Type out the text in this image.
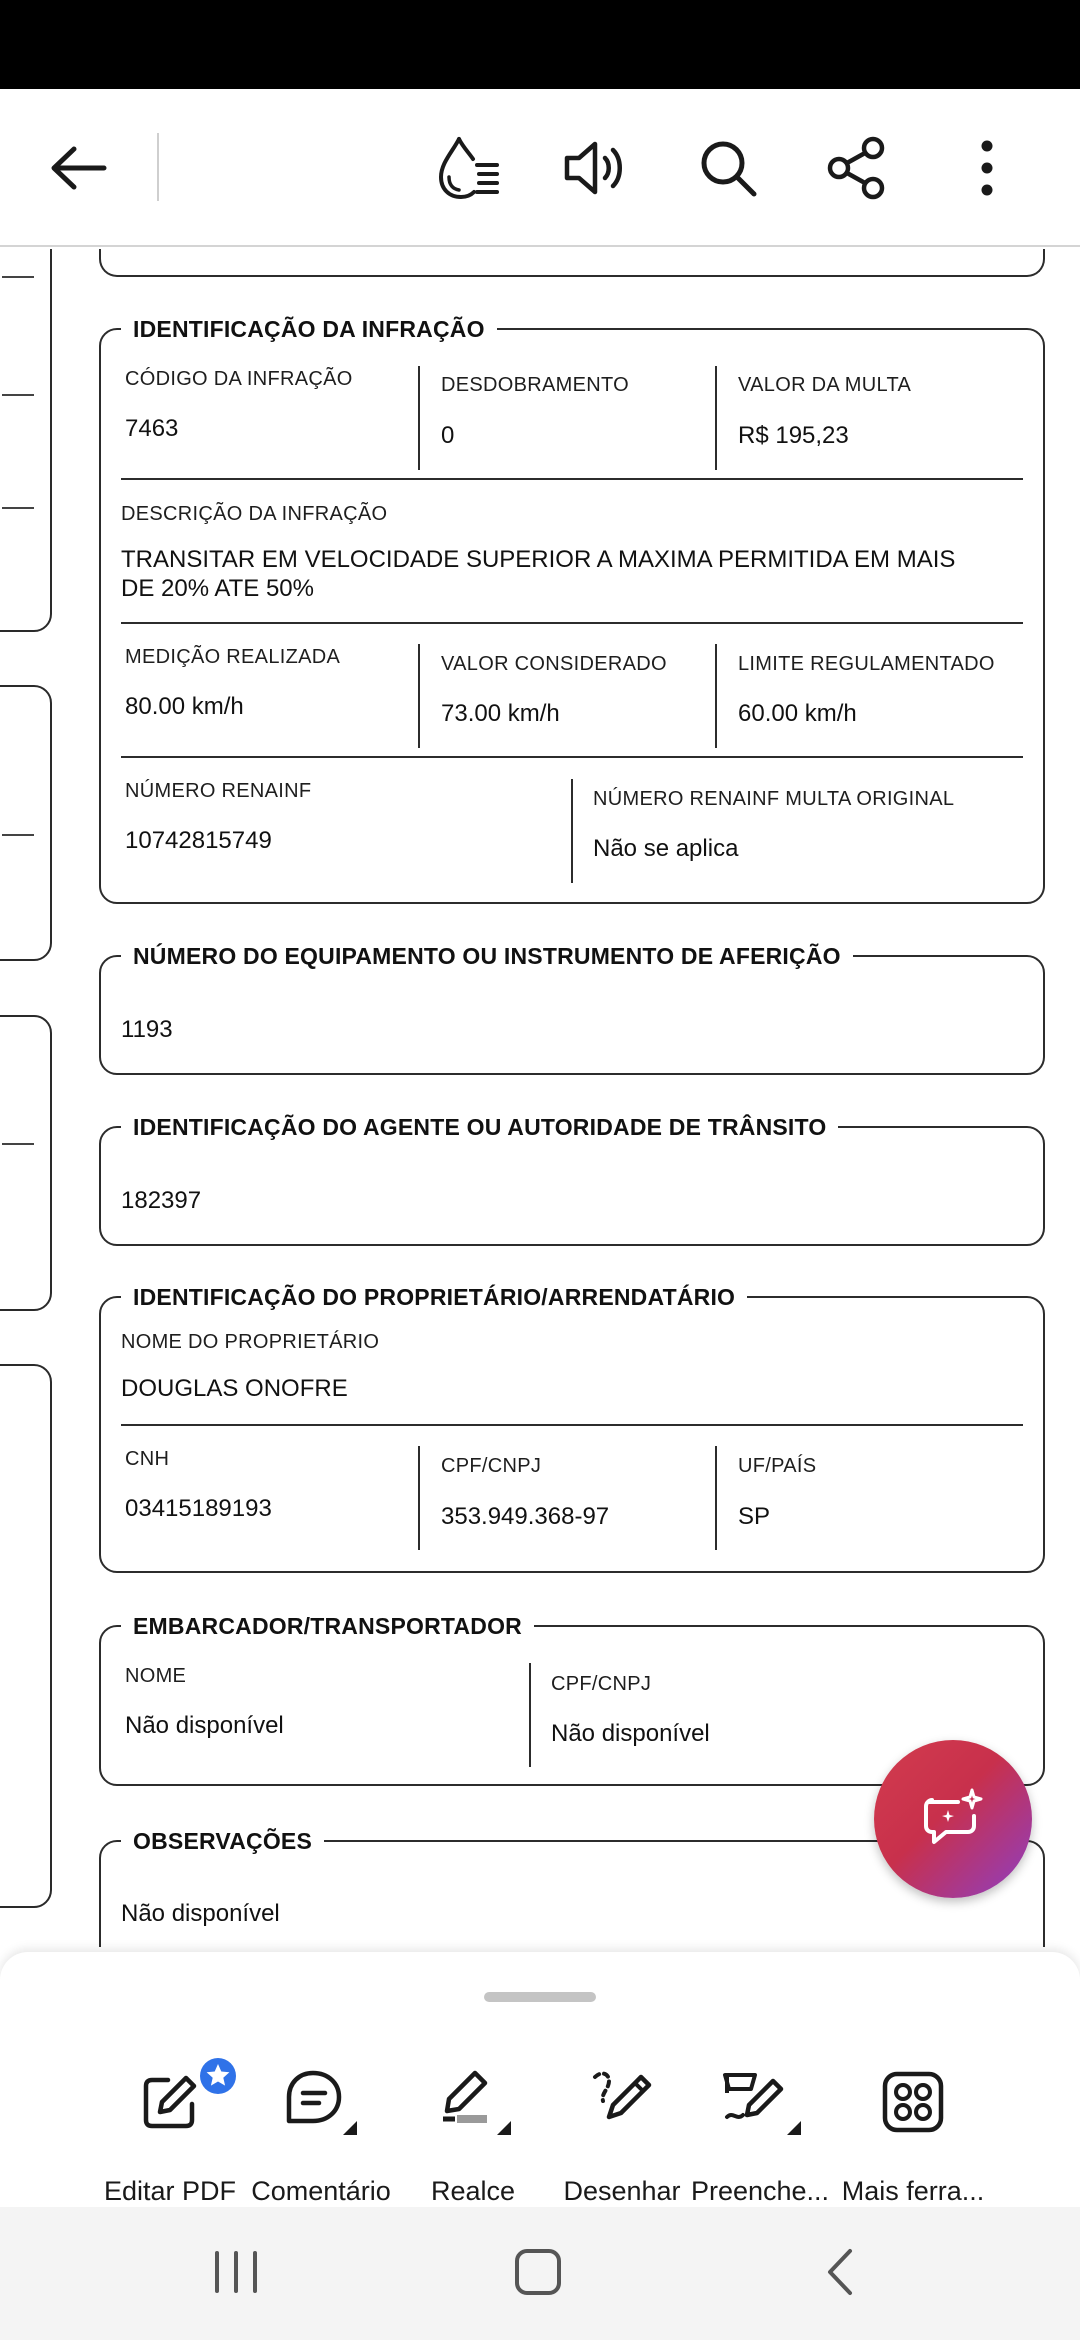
IDENTIFICAÇÃO DA INFRAÇÃO
CÓDIGO DA INFRAÇÃO
7463
DESDOBRAMENTO
0
VALOR DA MULTA
R$ 195,23
DESCRIÇÃO DA INFRAÇÃO
TRANSITAR EM VELOCIDADE SUPERIOR A MAXIMA PERMITIDA EM MAIS
DE 20% ATE 50%
MEDIÇÃO REALIZADA
80.00 km/h
VALOR CONSIDERADO
73.00 km/h
LIMITE REGULAMENTADO
60.00 km/h
NÚMERO RENAINF
10742815749
NÚMERO RENAINF MULTA ORIGINAL
Não se aplica
NÚMERO DO EQUIPAMENTO OU INSTRUMENTO DE AFERIÇÃO
1193
IDENTIFICAÇÃO DO AGENTE OU AUTORIDADE DE TRÂNSITO
182397
IDENTIFICAÇÃO DO PROPRIETÁRIO/ARRENDATÁRIO
NOME DO PROPRIETÁRIO
DOUGLAS ONOFRE
CNH
03415189193
CPF/CNPJ
353.949.368-97
UF/PAÍS
SP
EMBARCADOR/TRANSPORTADOR
NOME
Não disponível
CPF/CNPJ
Não disponível
OBSERVAÇÕES
Não disponível
Editar PDF Comentário	Realce	Desenhar Preenche... Mais ferra...
